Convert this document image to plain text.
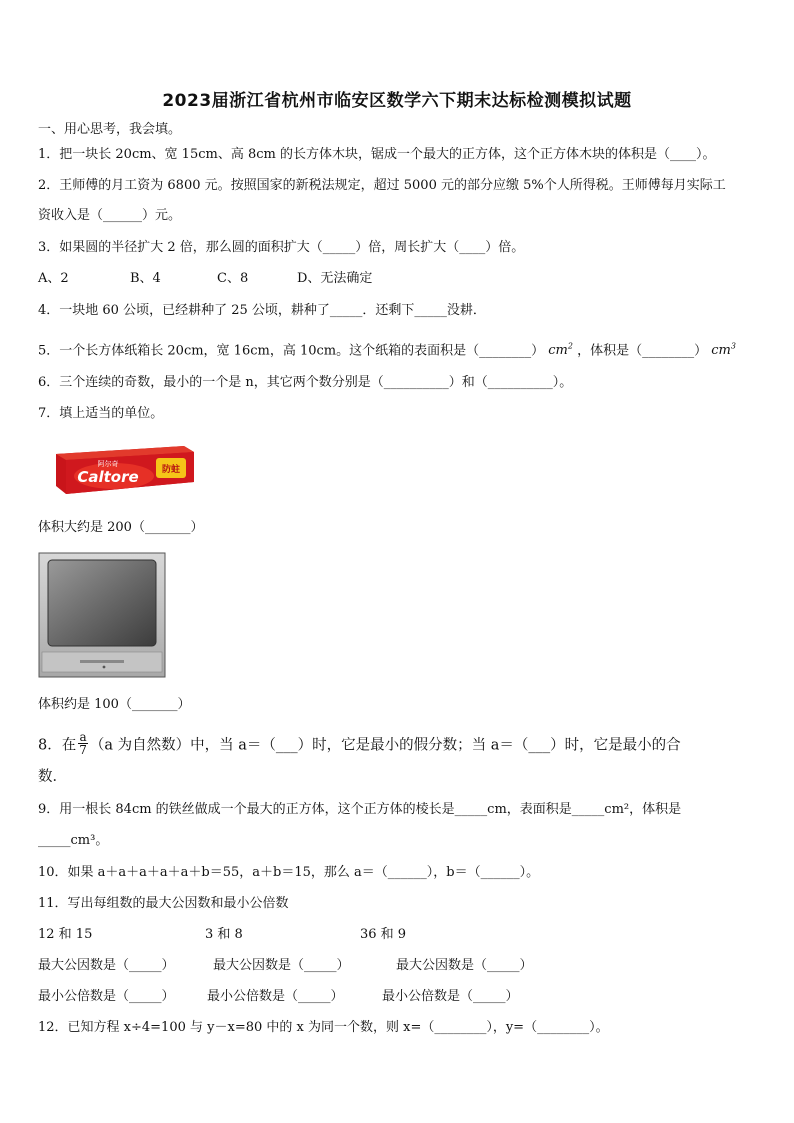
2023届浙江省杭州市临安区数学六下期末达标检测模拟试题
一、用心思考，我会填。
1．把一块长 20cm、宽 15cm、高 8cm 的长方体木块，锯成一个最大的正方体，这个正方体木块的体积是（____）。
2．王师傅的月工资为 6800 元。按照国家的新税法规定，超过 5000 元的部分应缴 5%个人所得税。王师傅每月实际工
资收入是（______）元。
3．如果圆的半径扩大 2 倍，那么圆的面积扩大（_____）倍，周长扩大（____）倍。
A、2	B、4	C、8	D、无法确定
4．一块地 60 公顷，已经耕种了 25 公顷，耕种了_____．还剩下_____没耕．
5．一个长方体纸箱长 20cm，宽 16cm，高 10cm。这个纸箱的表面积是（________） $cm^2$ ，体积是（________） $cm^3$
6．三个连续的奇数，最小的一个是 n，其它两个数分别是（__________）和（__________）。
7．填上适当的单位。
防蛀
阿尔奇
Caltore
体积大约是 200（_______）
体积约是 100（_______）
8．在 $\frac{a}{7} (a$ 为自然数）中，当 a＝（___）时，它是最小的假分数；当 a＝（___）时，它是最小的合
数．
9．用一根长 84cm 的铁丝做成一个最大的正方体，这个正方体的棱长是_____cm，表面积是_____cm²，体积是
_____cm³。
10．如果 a＋a＋a＋a＋a＋b＝55，a＋b＝15，那么 a＝（______），b＝（______）。
11．写出每组数的最大公因数和最小公倍数
12 和 15	3 和 8	36 和 9
最大公因数是（_____）	最大公因数是（_____）	最大公因数是（_____）
最小公倍数是（_____） 最小公倍数是（_____）	最小公倍数是（_____）
12．已知方程 x÷4=100 与 y－x=80 中的 x 为同一个数，则 x=（________），y=（________）。
